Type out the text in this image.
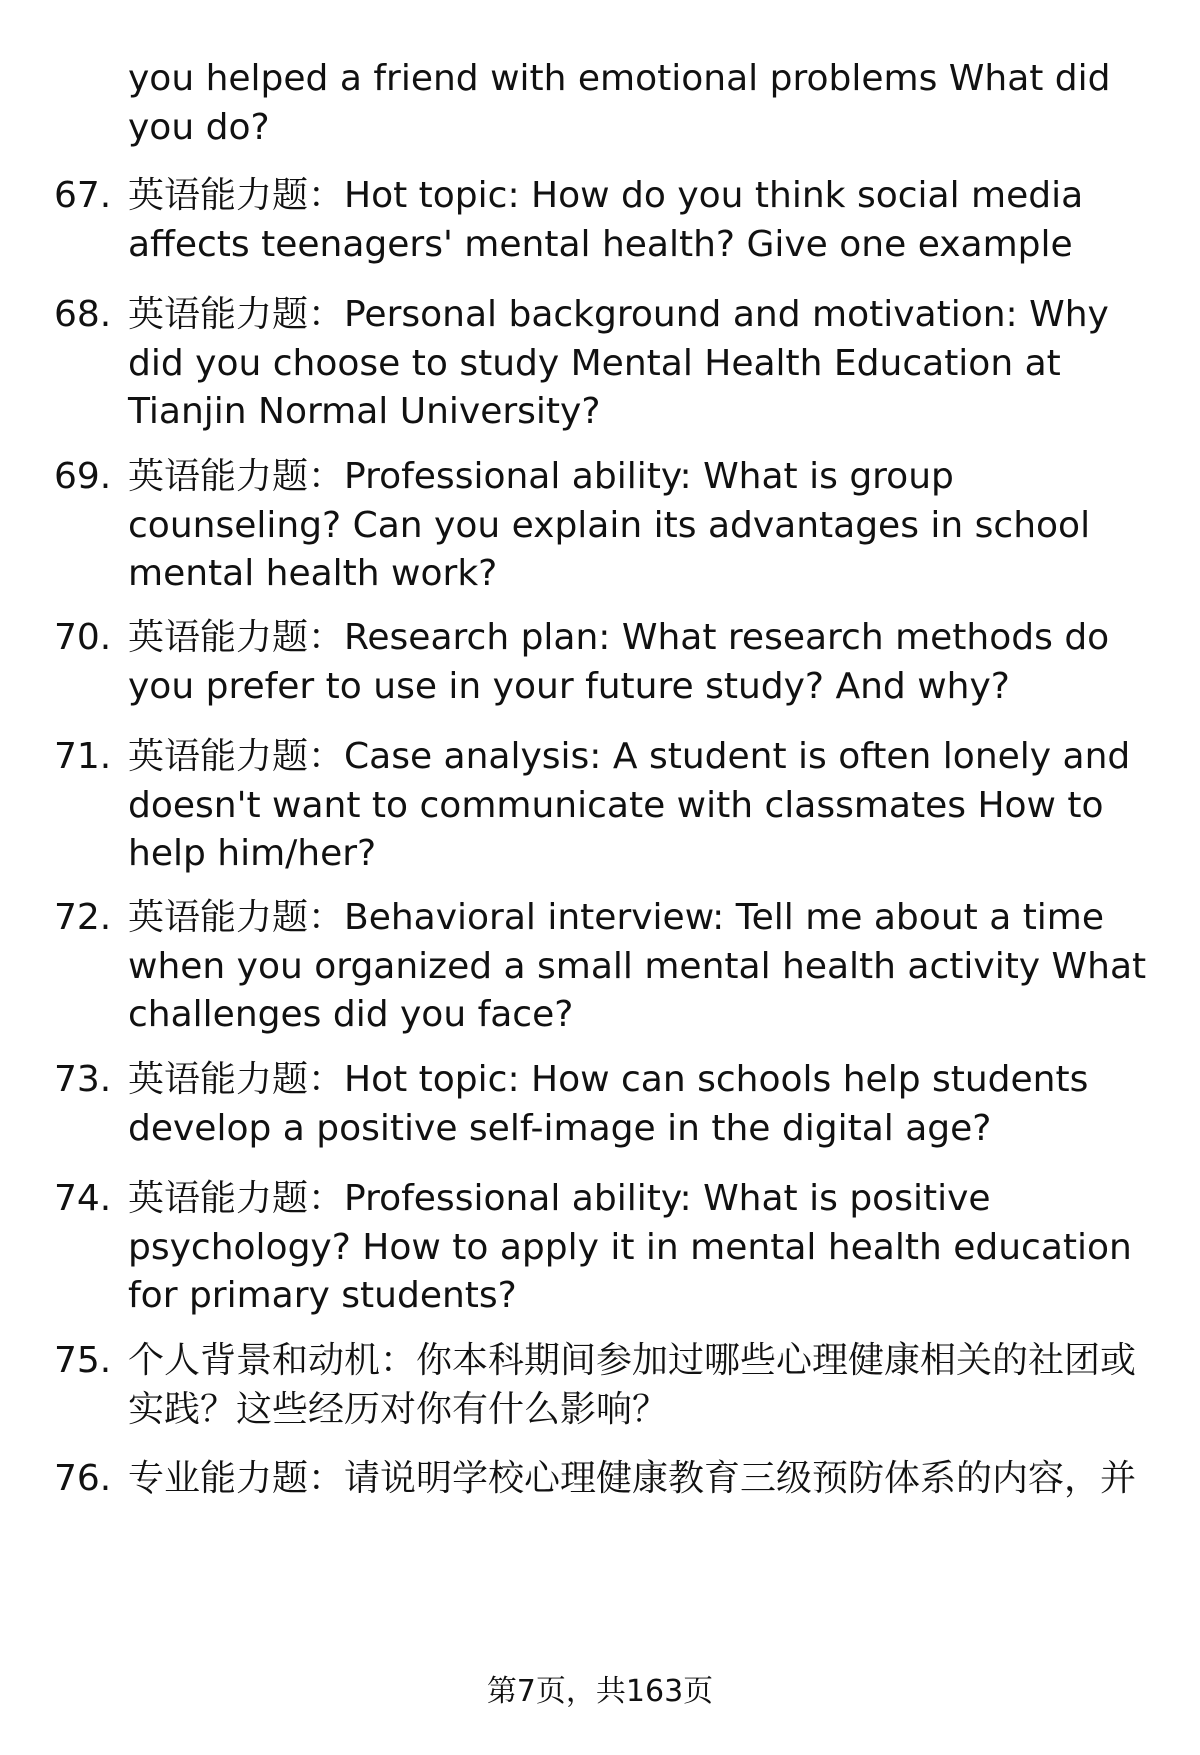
you helped a friend with emotional problems What did you do?
67. 英语能力题：Hot topic: How do you think social media affects teenagers' mental health? Give one example
68. 英语能力题：Personal background and motivation: Why did you choose to study Mental Health Education at Tianjin Normal University?
69. 英语能力题：Professional ability: What is group counseling? Can you explain its advantages in school mental health work?
70. 英语能力题：Research plan: What research methods do you prefer to use in your future study? And why?
71. 英语能力题：Case analysis: A student is often lonely and doesn't want to communicate with classmates How to help him/her?
72. 英语能力题：Behavioral interview: Tell me about a time when you organized a small mental health activity What challenges did you face?
73. 英语能力题：Hot topic: How can schools help students develop a positive self-image in the digital age?
74. 英语能力题：Professional ability: What is positive psychology? How to apply it in mental health education for primary students?
75. 个人背景和动机：你本科期间参加过哪些心理健康相关的社团或实践？这些经历对你有什么影响？
76. 专业能力题：请说明学校心理健康教育三级预防体系的内容，并
第7页，共163页
